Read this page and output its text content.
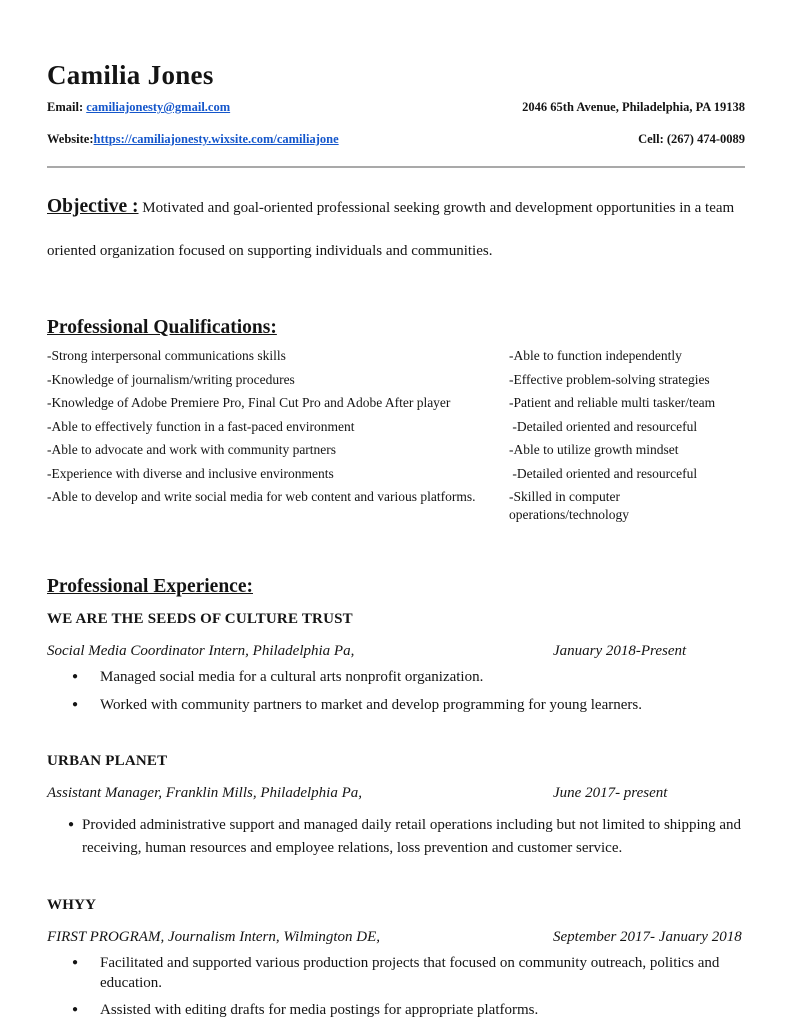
Camilia Jones
Email: camiliajonesty@gmail.com	2046 65th Avenue, Philadelphia, PA 19138
Website:https://camiliajonesty.wixsite.com/camiliajone	Cell: (267) 474-0089

Objective : Motivated and goal-oriented professional seeking growth and development opportunities in a team oriented organization focused on supporting individuals and communities.

Professional Qualifications:
-Strong interpersonal communications skills	-Able to function independently
-Knowledge of journalism/writing procedures	-Effective problem-solving strategies
-Knowledge of Adobe Premiere Pro, Final Cut Pro and Adobe After player	-Patient and reliable multi tasker/team
-Able to effectively function in a fast-paced environment	-Detailed oriented and resourceful
-Able to advocate and work with community partners	-Able to utilize growth mindset
-Experience with diverse and inclusive environments	-Detailed oriented and resourceful
-Able to develop and write social media for web content and various platforms.	-Skilled in computer operations/technology
Professional Experience:
WE ARE THE SEEDS OF CULTURE TRUST
Social Media Coordinator Intern, Philadelphia Pa,	January 2018-Present
●	Managed social media for a cultural arts nonprofit organization.
●	Worked with community partners to market and develop programming for young learners.
URBAN PLANET
Assistant Manager, Franklin Mills, Philadelphia Pa,	June 2017- present
● Provided administrative support and managed daily retail operations including but not limited to shipping and receiving, human resources and employee relations, loss prevention and customer service.
WHYY
FIRST PROGRAM, Journalism Intern, Wilmington DE,	September 2017- January 2018
●	Facilitated and supported various production projects that focused on community outreach, politics and education.
●	Assisted with editing drafts for media postings for appropriate platforms.
